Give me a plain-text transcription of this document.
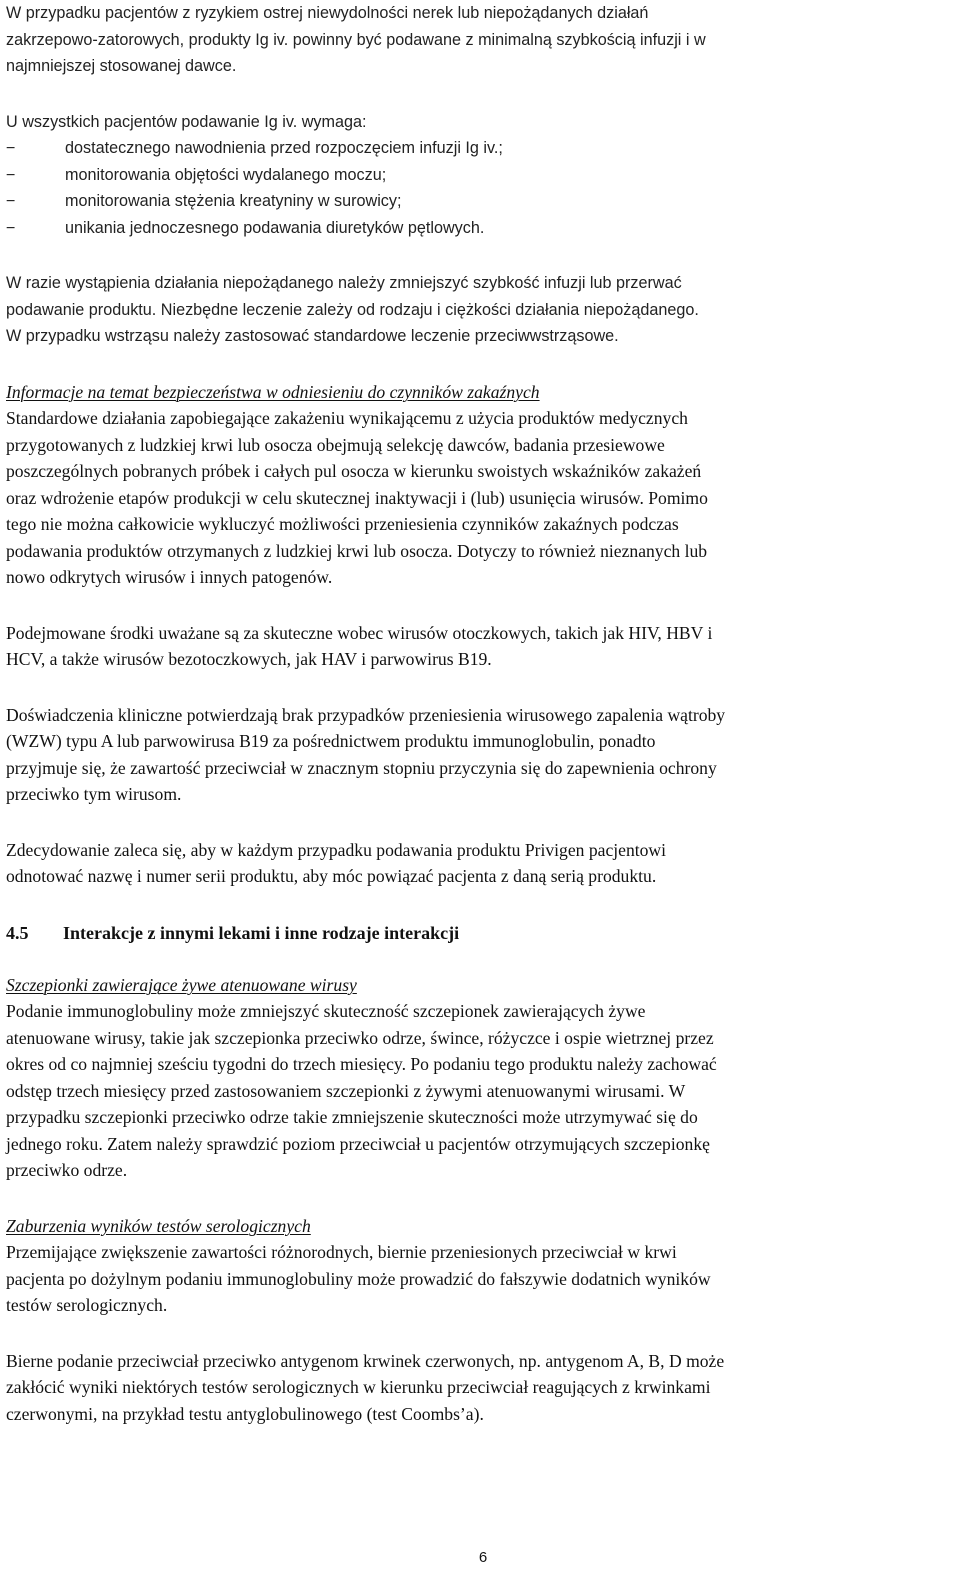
W przypadku pacjentów z ryzykiem ostrej niewydolności nerek lub niepożądanych działań

zakrzepowo-zatorowych, produkty Ig iv. powinny być podawane z minimalną szybkością infuzji i w

najmniejszej stosowanej dawce.

U wszystkich pacjentów podawanie Ig iv. wymaga:

−	dostatecznego nawodnienia przed rozpoczęciem infuzji Ig iv.;
−	monitorowania objętości wydalanego moczu;
−	monitorowania stężenia kreatyniny w surowicy;
−	unikania jednoczesnego podawania diuretyków pętlowych.

W razie wystąpienia działania niepożądanego należy zmniejszyć szybkość infuzji lub przerwać

podawanie produktu. Niezbędne leczenie zależy od rodzaju i ciężkości działania niepożądanego.

W przypadku wstrząsu należy zastosować standardowe leczenie przeciwwstrząsowe.

Informacje na temat bezpieczeństwa w odniesieniu do czynników zakaźnych

Standardowe działania zapobiegające zakażeniu wynikającemu z użycia produktów medycznych

przygotowanych z ludzkiej krwi lub osocza obejmują selekcję dawców, badania przesiewowe

poszczególnych pobranych próbek i całych pul osocza w kierunku swoistych wskaźników zakażeń

oraz wdrożenie etapów produkcji w celu skutecznej inaktywacji i (lub) usunięcia wirusów. Pomimo

tego nie można całkowicie wykluczyć możliwości przeniesienia czynników zakaźnych podczas

podawania produktów otrzymanych z ludzkiej krwi lub osocza. Dotyczy to również nieznanych lub

nowo odkrytych wirusów i innych patogenów.

Podejmowane środki uważane są za skuteczne wobec wirusów otoczkowych, takich jak HIV, HBV i

HCV, a także wirusów bezotoczkowych, jak HAV i parwowirus B19.

Doświadczenia kliniczne potwierdzają brak przypadków przeniesienia wirusowego zapalenia wątroby

(WZW) typu A lub parwowirusa B19 za pośrednictwem produktu immunoglobulin, ponadto

przyjmuje się, że zawartość przeciwciał w znacznym stopniu przyczynia się do zapewnienia ochrony

przeciwko tym wirusom.

Zdecydowanie zaleca się, aby w każdym przypadku podawania produktu Privigen pacjentowi

odnotować nazwę i numer serii produktu, aby móc powiązać pacjenta z daną serią produktu.

4.5 Interakcje z innymi lekami i inne rodzaje interakcji

Szczepionki zawierające żywe atenuowane wirusy

Podanie immunoglobuliny może zmniejszyć skuteczność szczepionek zawierających żywe

atenuowane wirusy, takie jak szczepionka przeciwko odrze, śwince, różyczce i ospie wietrznej przez

okres od co najmniej sześciu tygodni do trzech miesięcy. Po podaniu tego produktu należy zachować

odstęp trzech miesięcy przed zastosowaniem szczepionki z żywymi atenuowanymi wirusami. W

przypadku szczepionki przeciwko odrze takie zmniejszenie skuteczności może utrzymywać się do

jednego roku. Zatem należy sprawdzić poziom przeciwciał u pacjentów otrzymujących szczepionkę

przeciwko odrze.

Zaburzenia wyników testów serologicznych

Przemijające zwiększenie zawartości różnorodnych, biernie przeniesionych przeciwciał w krwi

pacjenta po dożylnym podaniu immunoglobuliny może prowadzić do fałszywie dodatnich wyników

testów serologicznych.

Bierne podanie przeciwciał przeciwko antygenom krwinek czerwonych, np. antygenom A, B, D może

zakłócić wyniki niektórych testów serologicznych w kierunku przeciwciał reagujących z krwinkami

czerwonymi, na przykład testu antyglobulinowego (test Coombs’a).

6
